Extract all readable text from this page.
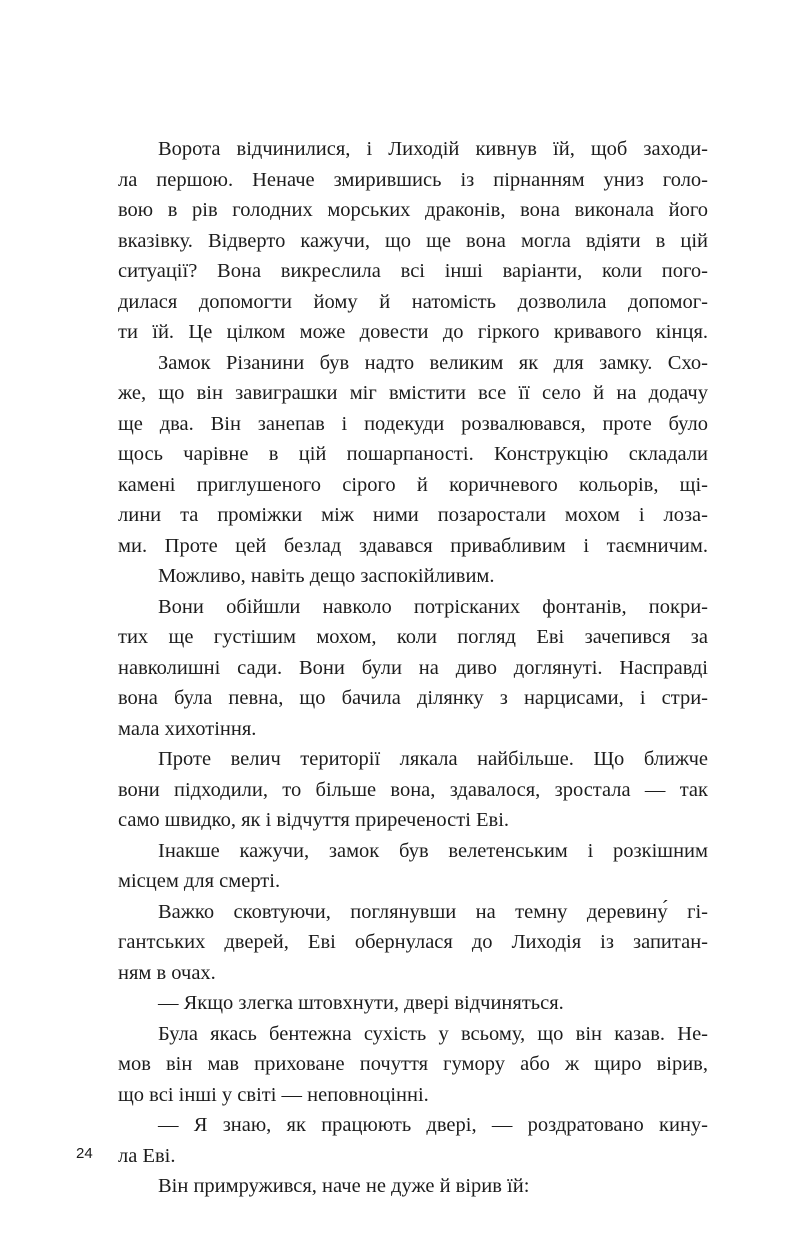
Ворота відчинилися, і Лиходій кивнув їй, щоб заходи-
ла першою. Неначе змирившись із пірнанням униз голо-
вою в рів голодних морських драконів, вона виконала його
вказівку. Відверто кажучи, що ще вона могла вдіяти в цій
ситуації? Вона викреслила всі інші варіанти, коли пого-
дилася допомогти йому й натомість дозволила допомог-
ти їй. Це цілком може довести до гіркого кривавого кінця.
Замок Різанини був надто великим як для замку. Схо-
же, що він завиграшки міг вмістити все її село й на додачу
ще два. Він занепав і подекуди розвалювався, проте було
щось чарівне в цій пошарпаності. Конструкцію складали
камені приглушеного сірого й коричневого кольорів, щі-
лини та проміжки між ними позаростали мохом і лоза-
ми. Проте цей безлад здавався привабливим і таємничим.
Можливо, навіть дещо заспокійливим.
Вони обійшли навколо потрісканих фонтанів, покри-
тих ще густішим мохом, коли погляд Еві зачепився за
навколишні сади. Вони були на диво доглянуті. Насправді
вона була певна, що бачила ділянку з нарцисами, і стри-
мала хихотіння.
Проте велич території лякала найбільше. Що ближче
вони підходили, то більше вона, здавалося, зростала — так
само швидко, як і відчуття приреченості Еві.
Інакше кажучи, замок був велетенським і розкішним
місцем для смерті.
Важко сковтуючи, поглянувши на темну деревину́ гі-
гантських дверей, Еві обернулася до Лиходія із запитан-
ням в очах.
— Якщо злегка штовхнути, двері відчиняться.
Була якась бентежна сухість у всьому, що він казав. Не-
мов він мав приховане почуття гумору або ж щиро вірив,
що всі інші у світі — неповноцінні.
— Я знаю, як працюють двері, — роздратовано кину-
ла Еві.
Він примружився, наче не дуже й вірив їй:
24
